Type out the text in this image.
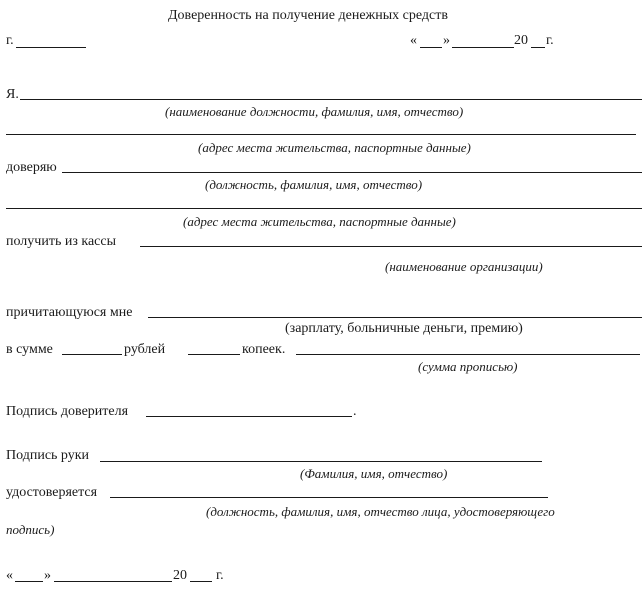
Доверенность на получение денежных средств
г.	« »	20 г.
Я.
(наименование должности, фамилия, имя, отчество)
(адрес места жительства, паспортные данные)
доверяю
(должность, фамилия, имя, отчество)
(адрес места жительства, паспортные данные)
получить из кассы
(наименование организации)
причитающуюся мне
(зарплату, больничные деньги, премию)
в сумме	рублей	копеек.
(сумма прописью)
Подпись доверителя	.
Подпись руки
(Фамилия, имя, отчество)
удостоверяется
(должность, фамилия, имя, отчество лица, удостоверяющего
подпись)
« »	20 г.
